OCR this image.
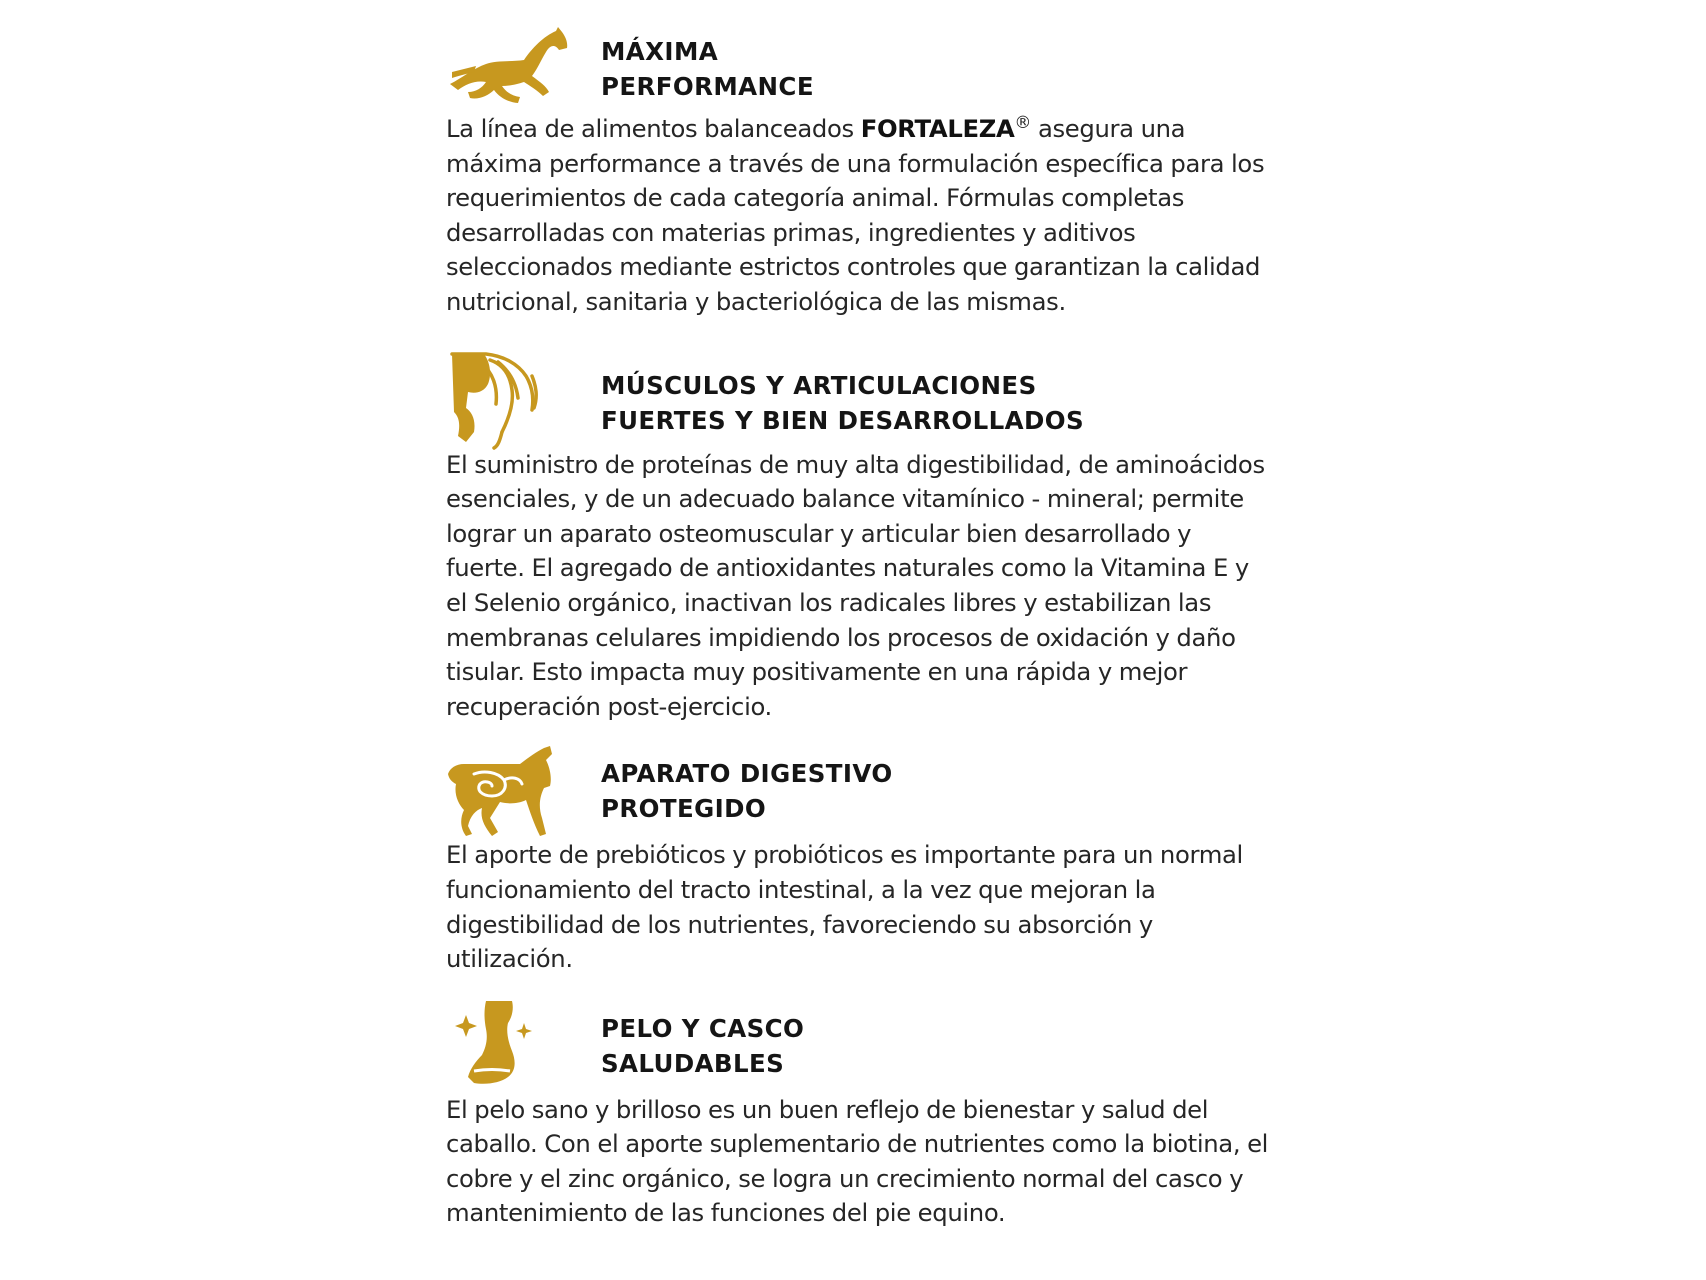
MÁXIMA
PERFORMANCE

La línea de alimentos balanceados FORTALEZA® asegura una máxima performance a través de una formulación específica para los requerimientos de cada categoría animal. Fórmulas completas desarrolladas con materias primas, ingredientes y aditivos seleccionados mediante estrictos controles que garantizan la calidad nutricional, sanitaria y bacteriológica de las mismas.

MÚSCULOS Y ARTICULACIONES
FUERTES Y BIEN DESARROLLADOS

El suministro de proteínas de muy alta digestibilidad, de aminoácidos esenciales, y de un adecuado balance vitamínico - mineral; permite lograr un aparato osteomuscular y articular bien desarrollado y fuerte. El agregado de antioxidantes naturales como la Vitamina E y el Selenio orgánico, inactivan los radicales libres y estabilizan las membranas celulares impidiendo los procesos de oxidación y daño tisular. Esto impacta muy positivamente en una rápida y mejor recuperación post-ejercicio.

APARATO DIGESTIVO
PROTEGIDO

El aporte de prebióticos y probióticos es importante para un normal funcionamiento del tracto intestinal, a la vez que mejoran la digestibilidad de los nutrientes, favoreciendo su absorción y utilización.

PELO Y CASCO
SALUDABLES

El pelo sano y brilloso es un buen reflejo de bienestar y salud del caballo. Con el aporte suplementario de nutrientes como la biotina, el cobre y el zinc orgánico, se logra un crecimiento normal del casco y mantenimiento de las funciones del pie equino.
